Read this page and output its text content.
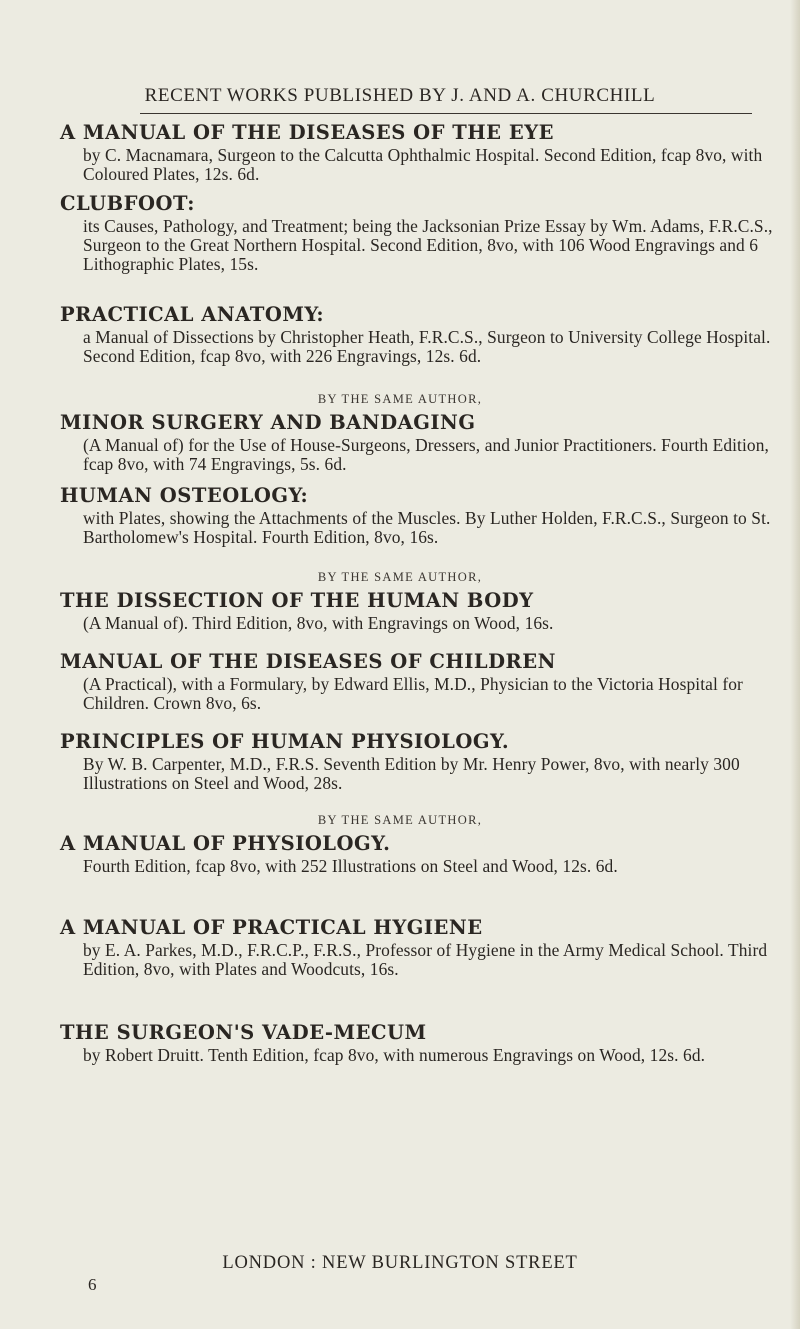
RECENT WORKS PUBLISHED BY J. AND A. CHURCHILL
A MANUAL OF THE DISEASES OF THE EYE
by C. Macnamara, Surgeon to the Calcutta Ophthalmic Hospital. Second Edition, fcap 8vo, with Coloured Plates, 12s. 6d.
CLUBFOOT:
its Causes, Pathology, and Treatment; being the Jacksonian Prize Essay by Wm. Adams, F.R.C.S., Surgeon to the Great Northern Hospital. Second Edition, 8vo, with 106 Wood Engravings and 6 Lithographic Plates, 15s.
PRACTICAL ANATOMY:
a Manual of Dissections by Christopher Heath, F.R.C.S., Surgeon to University College Hospital. Second Edition, fcap 8vo, with 226 Engravings, 12s. 6d.
BY THE SAME AUTHOR,
MINOR SURGERY AND BANDAGING
(A Manual of) for the Use of House-Surgeons, Dressers, and Junior Practitioners. Fourth Edition, fcap 8vo, with 74 Engravings, 5s. 6d.
HUMAN OSTEOLOGY:
with Plates, showing the Attachments of the Muscles. By Luther Holden, F.R.C.S., Surgeon to St. Bartholomew's Hospital. Fourth Edition, 8vo, 16s.
BY THE SAME AUTHOR,
THE DISSECTION OF THE HUMAN BODY
(A Manual of). Third Edition, 8vo, with Engravings on Wood, 16s.
MANUAL OF THE DISEASES OF CHILDREN
(A Practical), with a Formulary, by Edward Ellis, M.D., Physician to the Victoria Hospital for Children. Crown 8vo, 6s.
PRINCIPLES OF HUMAN PHYSIOLOGY.
By W. B. Carpenter, M.D., F.R.S. Seventh Edition by Mr. Henry Power, 8vo, with nearly 300 Illustrations on Steel and Wood, 28s.
BY THE SAME AUTHOR,
A MANUAL OF PHYSIOLOGY.
Fourth Edition, fcap 8vo, with 252 Illustrations on Steel and Wood, 12s. 6d.
A MANUAL OF PRACTICAL HYGIENE
by E. A. Parkes, M.D., F.R.C.P., F.R.S., Professor of Hygiene in the Army Medical School. Third Edition, 8vo, with Plates and Woodcuts, 16s.
THE SURGEON'S VADE-MECUM
by Robert Druitt. Tenth Edition, fcap 8vo, with numerous Engravings on Wood, 12s. 6d.
LONDON : NEW BURLINGTON STREET
6
